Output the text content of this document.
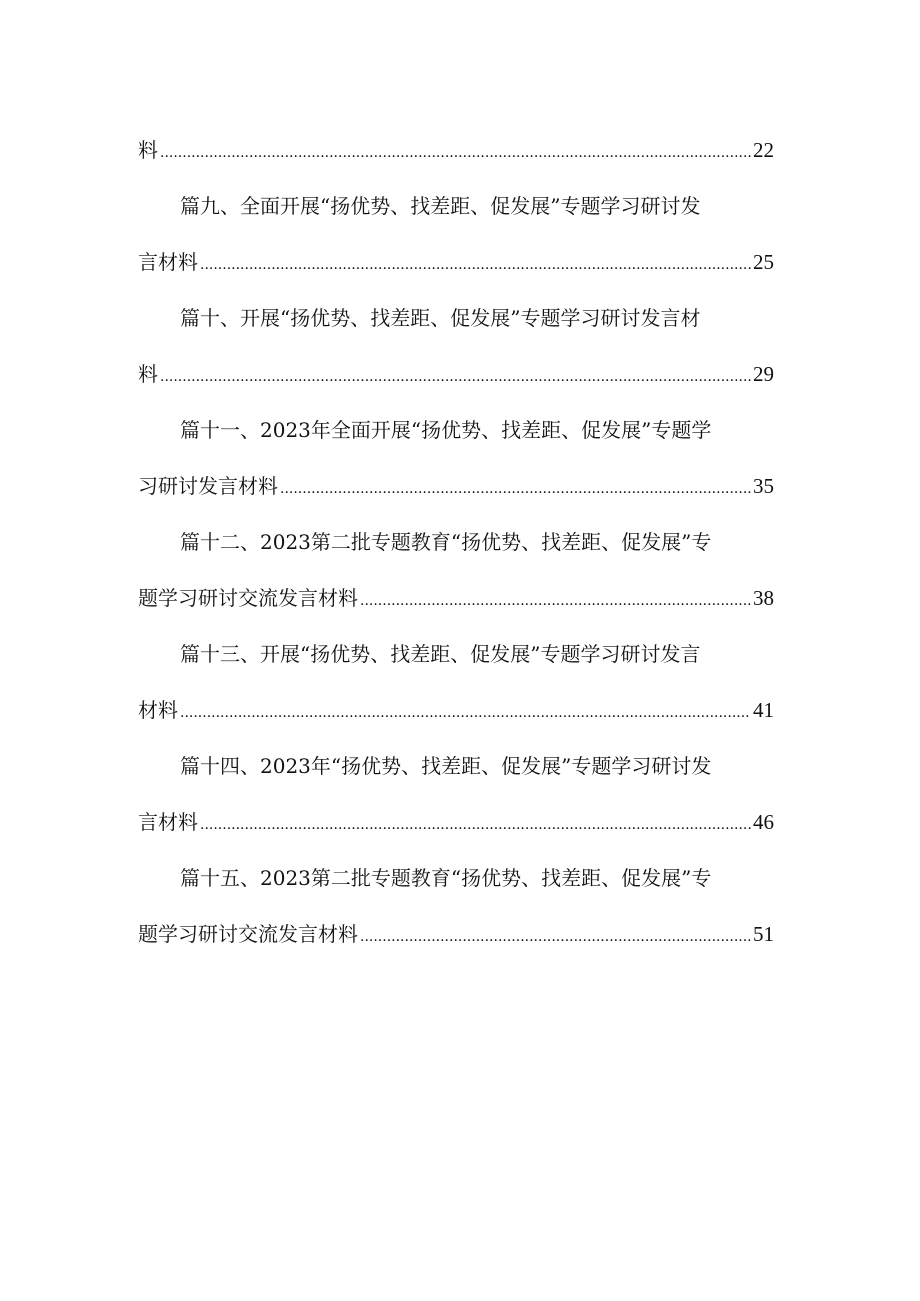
料 .....	22
篇九、全面开展“扬优势、找差距、促发展”专题学习研讨发
言材料 .....	25
篇十、开展“扬优势、找差距、促发展”专题学习研讨发言材
料 .....	29
篇十一、2023年全面开展“扬优势、找差距、促发展”专题学
习研讨发言材料 .....	35
篇十二、2023第二批专题教育“扬优势、找差距、促发展”专
题学习研讨交流发言材料 .....	38
篇十三、开展“扬优势、找差距、促发展”专题学习研讨发言
材料 .....	41
篇十四、2023年“扬优势、找差距、促发展”专题学习研讨发
言材料 .....	46
篇十五、2023第二批专题教育“扬优势、找差距、促发展”专
题学习研讨交流发言材料 .....	51
